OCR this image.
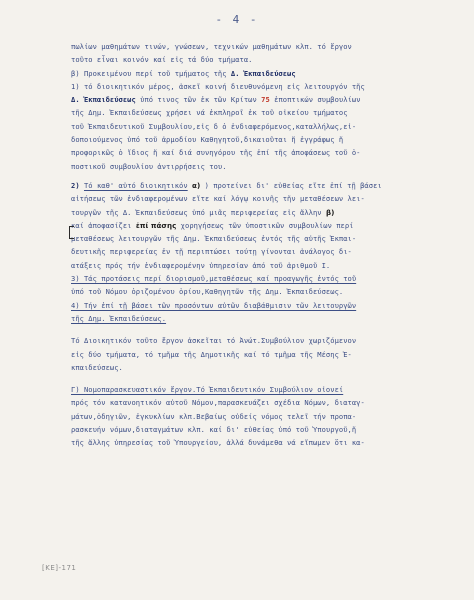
- 4 -
πωλίων μαθημάτων τινών, γνώσεων, τεχνικών μαθημάτων κλπ. τό ἔργον
τοῦτο εἶναι κοινόν καί εἰς τά δύο τμήματα.
β) Προκειμένου περί τοῦ τμήματος τῆς Δ. Ἐκπαιδεύσεως
1) τό διοικητικόν μέρος, ἀσκεῖ κοινή διευθυνόμενη εἰς λειτουργόν τῆς
Δ. Ἐκπαιδεύσεως ὑπό τινος τῶν ἐκ τῶν Κρίτων 75 ἐποπτικών συμβουλίων
τῆς Δημ. Ἐκπαιδεύσεως χρήσει νά ἐκπληροῖ ἐκ τοῦ οἰκείου τμήματος
τοῦ Ἐκπαιδευτικοῦ Συμβουλίου,εἰς δ ὁ ἐνδιαφερόμενος,καταλλήλως,εἰ-
δοποιούμενος ὑπό τοῦ ἁρμοδίου Καθηγητοῦ,δικαιοῦται ἤ ἐγγράφως ἤ
προφορικῶς ὁ ἴδιος ἤ καί διά συνηγόρου τῆς ἐπί τῆς ἀποφάσεως τοῦ ὁ-
ποστικοῦ συμβουλίου ἀντιρρήσεις του.
2) Τό καθ' αὐτό διοικητικόν α) ) προτείνει δι' εὐθείας εἴτε ἐπί τῇ βάσει
αἰτήσεως τῶν ἐνδιαφερομένων εἴτε καί λόγῳ κοινῆς τῆν μεταθέσεων λει-
τουργῶν τῆς Δ. Ἐκπαιδεύσεως ὑπό μιᾶς περιφερείας εἰς ἄλλην β)
καί ἀποφασίζει ἐπί πάσης χορηγήσεως τῶν ὑποστικῶν συμβουλίων περί
μεταθέσεως λειτουργῶν τῆς Δημ. Ἐκπαιδεύσεως ἐντός τῆς αὐτῆς Ἐκπαι-
δευτικῆς περιφερείας ἐν τῇ περιπτώσει τούτῃ γίνονται ἀνάλογος δι-
ατάξεις πρός τήν ἐνδιαφερομένην ὑπηρεσίαν ἀπό τοῦ ἀριθμοῦ I.
3) Τάς προτάσεις περί διορισμοῦ,μεταθέσεως καί προαγωγῆς ἐντός τοῦ
ὑπό τοῦ Νόμου ὁριζομένου ὁρίου,Καθηγητῶν τῆς Δημ. Ἐκπαιδεύσεως.
4) Τήν ἐπί τῇ βάσει τῶν προσόντων αὐτῶν διαβάθμισιν τῶν λειτουργῶν
τῆς Δημ. Ἐκπαιδεύσεως.
Τό Διοικητικόν τοῦτο ἔργον ἀσκεῖται τό Ἀνώτ.Συμβούλιον χωριζόμενον
εἰς δύο τμήματα, τό τμῆμα τῆς Δημοτικῆς καί τό τμῆμα τῆς Μέσης Ἐ-
κπαιδεύσεως.
Γ) Νομοπαρασκευαστικόν ἔργον.Τό Ἐκπαιδευτικόν Συμβούλιον οἱονεί
πρός τόν κατανοητικόν αὐτοῦ Νόμον,παρασκευάζει σχέδια Νόμων, διαταγ-
μάτων,ὁδηγιῶν, ἐγκυκλίων κλπ.Βεβαίως οὐδείς νόμος τελεῖ τήν προπα-
ρασκευήν νόμων,διαταγμάτων κλπ. καί δι' εὐθείας ὑπό τοῦ Ὑπουργοῦ,ἤ
τῆς ἄλλης ὑπηρεσίας τοῦ Ὑπουργείου, ἀλλά δυνάμεθα νά εἴπωμεν ὅτι κα-
[ΚΕ]-171
